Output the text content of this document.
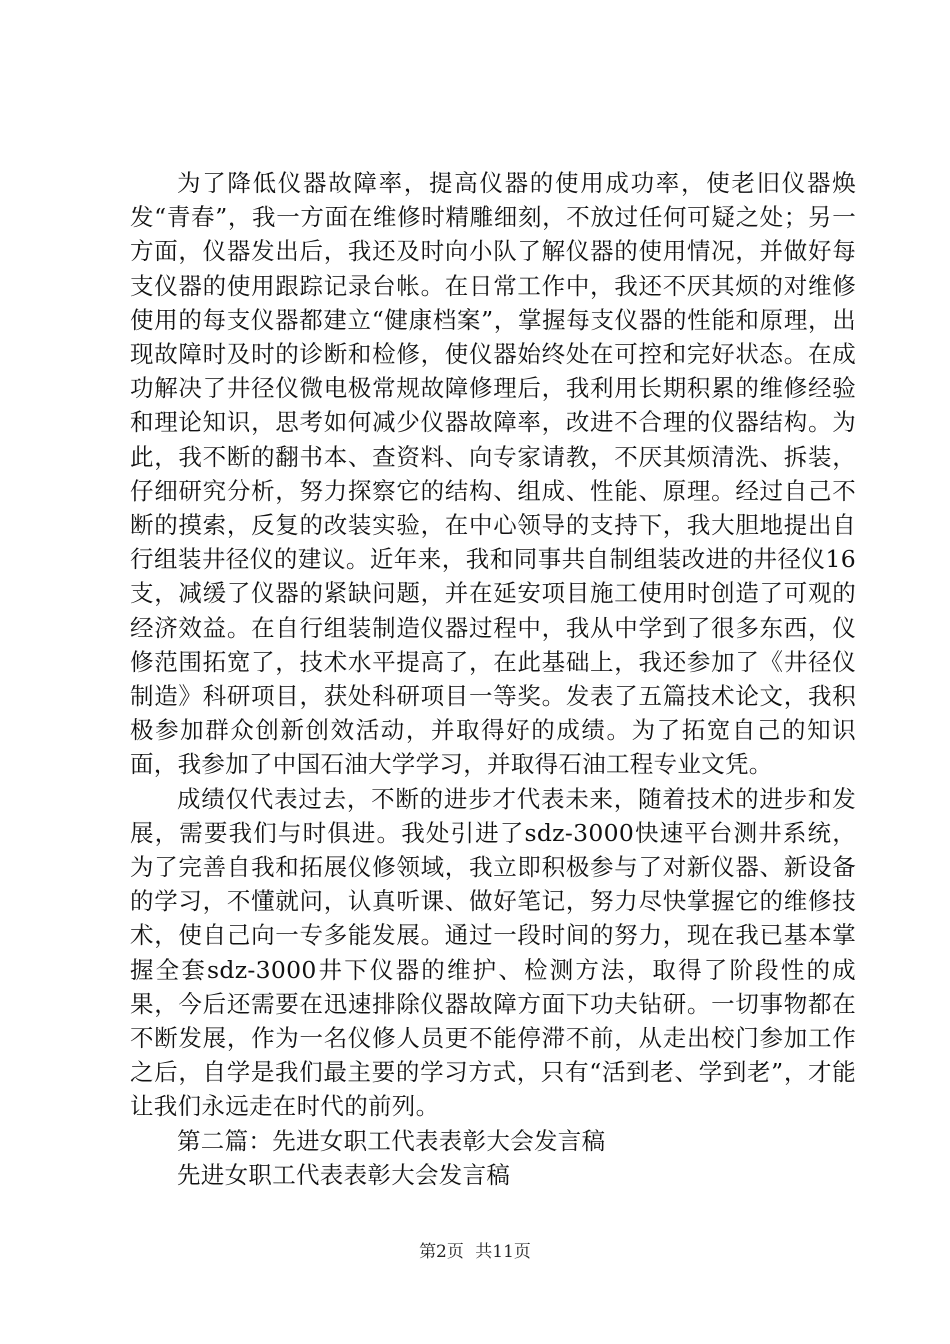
为了降低仪器故障率，提高仪器的使用成功率，使老旧仪器焕发“青春”，我一方面在维修时精雕细刻，不放过任何可疑之处；另一方面，仪器发出后，我还及时向小队了解仪器的使用情况，并做好每支仪器的使用跟踪记录台帐。在日常工作中，我还不厌其烦的对维修使用的每支仪器都建立“健康档案”，掌握每支仪器的性能和原理，出现故障时及时的诊断和检修，使仪器始终处在可控和完好状态。在成功解决了井径仪微电极常规故障修理后，我利用长期积累的维修经验和理论知识，思考如何减少仪器故障率，改进不合理的仪器结构。为此，我不断的翻书本、查资料、向专家请教，不厌其烦清洗、拆装，仔细研究分析，努力探察它的结构、组成、性能、原理。经过自己不断的摸索，反复的改装实验，在中心领导的支持下，我大胆地提出自行组装井径仪的建议。近年来，我和同事共自制组装改进的井径仪16支，减缓了仪器的紧缺问题，并在延安项目施工使用时创造了可观的经济效益。在自行组装制造仪器过程中，我从中学到了很多东西，仪修范围拓宽了，技术水平提高了，在此基础上，我还参加了《井径仪制造》科研项目，获处科研项目一等奖。发表了五篇技术论文，我积极参加群众创新创效活动，并取得好的成绩。为了拓宽自己的知识面，我参加了中国石油大学学习，并取得石油工程专业文凭。

成绩仅代表过去，不断的进步才代表未来，随着技术的进步和发展，需要我们与时俱进。我处引进了sdz-3000快速平台测井系统，为了完善自我和拓展仪修领域，我立即积极参与了对新仪器、新设备的学习，不懂就问，认真听课、做好笔记，努力尽快掌握它的维修技术，使自己向一专多能发展。通过一段时间的努力，现在我已基本掌握全套sdz-3000井下仪器的维护、检测方法，取得了阶段性的成果，今后还需要在迅速排除仪器故障方面下功夫钻研。一切事物都在不断发展，作为一名仪修人员更不能停滞不前，从走出校门参加工作之后，自学是我们最主要的学习方式，只有“活到老、学到老”，才能让我们永远走在时代的前列。

第二篇：先进女职工代表表彰大会发言稿

先进女职工代表表彰大会发言稿

第2页 共11页
